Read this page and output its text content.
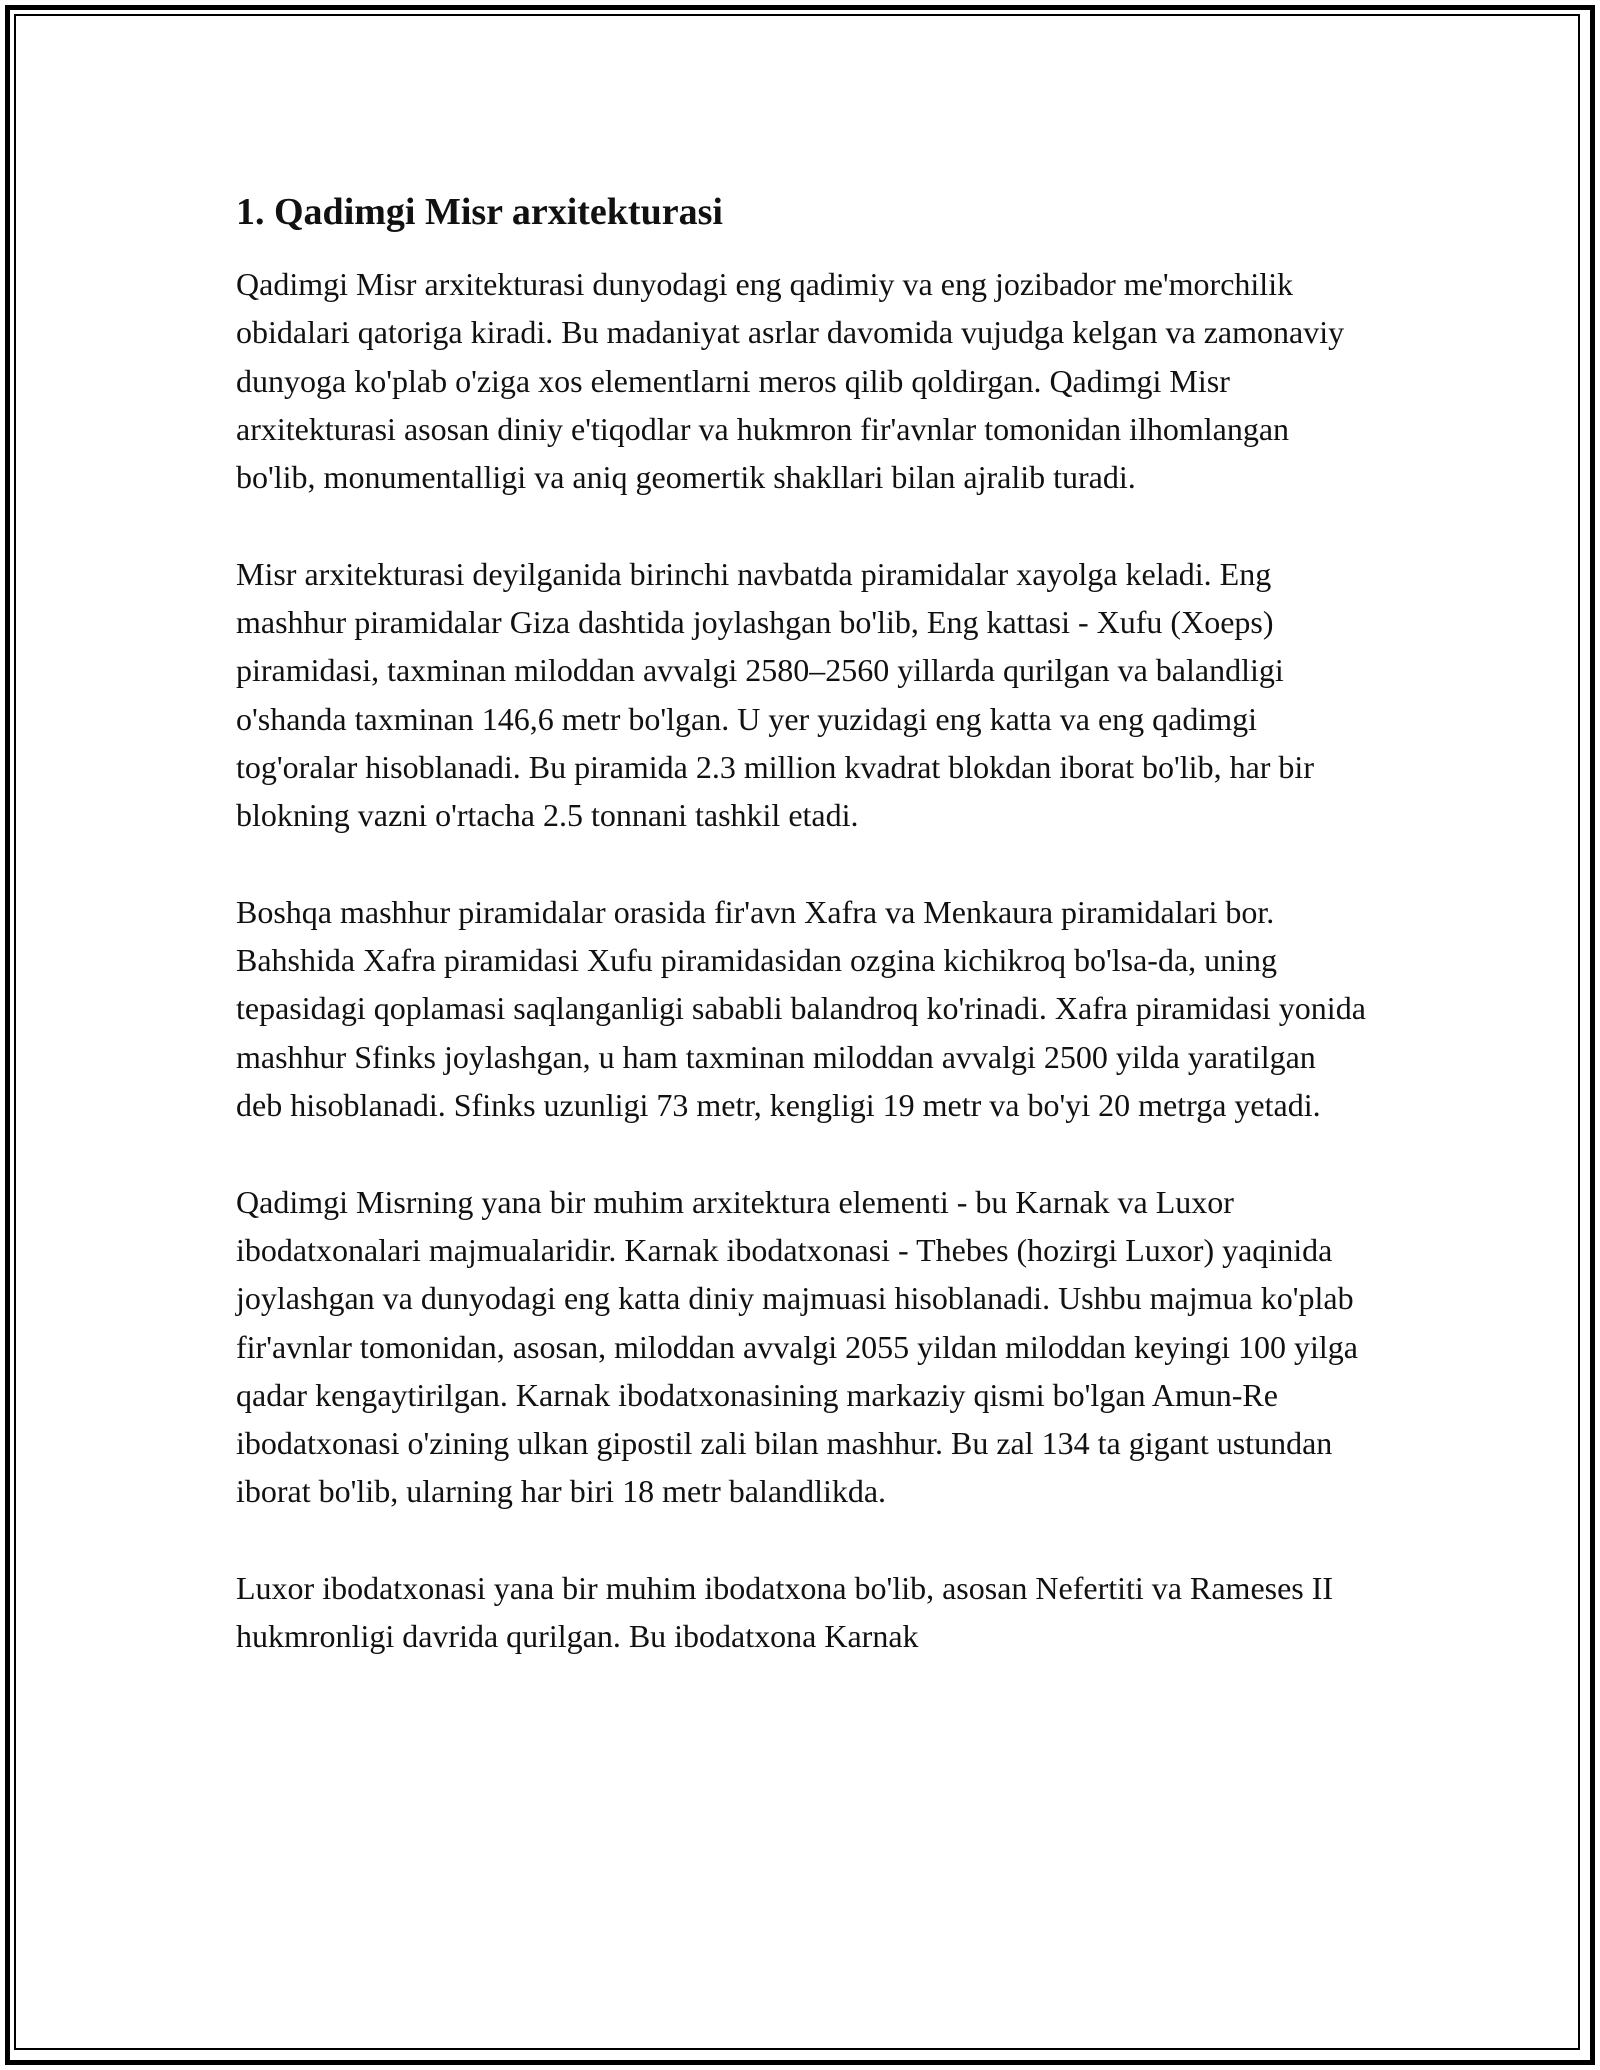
1. Qadimgi Misr arxitekturasi

Qadimgi Misr arxitekturasi dunyodagi eng qadimiy va eng jozibador me'morchilik obidalari qatoriga kiradi. Bu madaniyat asrlar davomida vujudga kelgan va zamonaviy dunyoga ko'plab o'ziga xos elementlarni meros qilib qoldirgan. Qadimgi Misr arxitekturasi asosan diniy e'tiqodlar va hukmron fir'avnlar tomonidan ilhomlangan bo'lib, monumentalligi va aniq geomertik shakllari bilan ajralib turadi.

Misr arxitekturasi deyilganida birinchi navbatda piramidalar xayolga keladi. Eng mashhur piramidalar Giza dashtida joylashgan bo'lib, Eng kattasi - Xufu (Xoeps) piramidasi, taxminan miloddan avvalgi 2580–2560 yillarda qurilgan va balandligi o'shanda taxminan 146,6 metr bo'lgan. U yer yuzidagi eng katta va eng qadimgi tog'oralar hisoblanadi. Bu piramida 2.3 million kvadrat blokdan iborat bo'lib, har bir blokning vazni o'rtacha 2.5 tonnani tashkil etadi.

Boshqa mashhur piramidalar orasida fir'avn Xafra va Menkaura piramidalari bor. Bahshida Xafra piramidasi Xufu piramidasidan ozgina kichikroq bo'lsa-da, uning tepasidagi qoplamasi saqlanganligi sababli balandroq ko'rinadi. Xafra piramidasi yonida mashhur Sfinks joylashgan, u ham taxminan miloddan avvalgi 2500 yilda yaratilgan deb hisoblanadi. Sfinks uzunligi 73 metr, kengligi 19 metr va bo'yi 20 metrga yetadi.

Qadimgi Misrning yana bir muhim arxitektura elementi - bu Karnak va Luxor ibodatxonalari majmualaridir. Karnak ibodatxonasi - Thebes (hozirgi Luxor) yaqinida joylashgan va dunyodagi eng katta diniy majmuasi hisoblanadi. Ushbu majmua ko'plab fir'avnlar tomonidan, asosan, miloddan avvalgi 2055 yildan miloddan keyingi 100 yilga qadar kengaytirilgan. Karnak ibodatxonasining markaziy qismi bo'lgan Amun-Re ibodatxonasi o'zining ulkan gipostil zali bilan mashhur. Bu zal 134 ta gigant ustundan iborat bo'lib, ularning har biri 18 metr balandlikda.

Luxor ibodatxonasi yana bir muhim ibodatxona bo'lib, asosan Nefertiti va Rameses II hukmronligi davrida qurilgan. Bu ibodatxona Karnak
